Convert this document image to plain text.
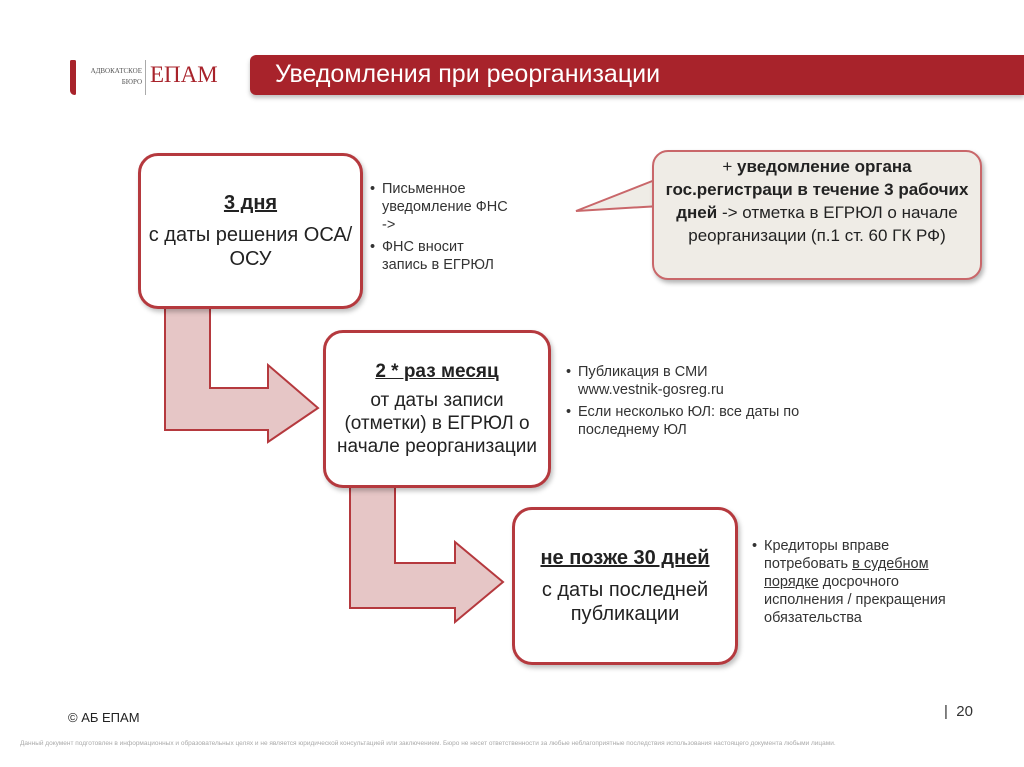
АДВОКАТСКОЕ БЮРО ЕПАМ Уведомления при реорганизации
3 дня
с даты решения ОСА/ОСУ
• Письменное уведомление ФНС ->
• ФНС вносит запись в ЕГРЮЛ
2 * раз месяц
от даты записи (отметки) в ЕГРЮЛ о начале реорганизации
• Публикация в СМИ www.vestnik-gosreg.ru
• Если несколько ЮЛ: все даты по последнему ЮЛ
не позже 30 дней
с даты последней публикации
• Кредиторы вправе потребовать в судебном порядке досрочного исполнения / прекращения обязательства
+ уведомление органа гос.регистраци в течение 3 рабочих дней -> отметка в ЕГРЮЛ о начале реорганизации (п.1 ст. 60 ГК РФ)
© АБ ЕПАМ	| 20
Данный документ подготовлен в информационных и образовательных целях и не является юридической консультацией или заключением. Бюро не несет ответственности за любые неблагоприятные последствия использования настоящего документа любыми лицами.
